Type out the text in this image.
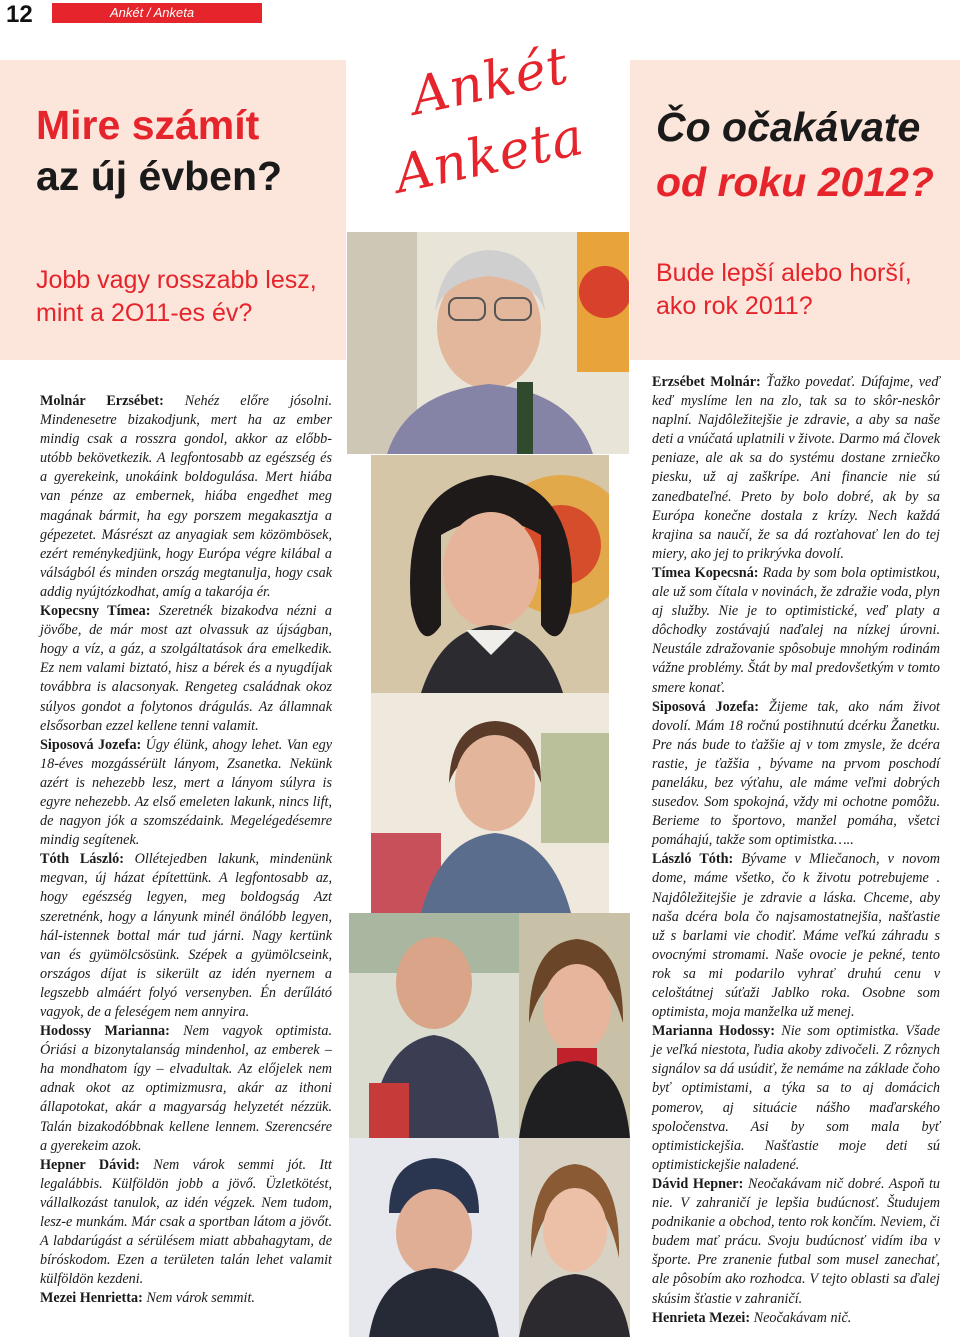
12	Ankét / Anketa
Mire számít
az új évben?
Jobb vagy rosszabb lesz, mint a 2O11-es év?
Čo očakávate
od roku 2012?
Bude lepší alebo horší, ako rok 2011?
Ankét
Anketa

Molnár Erzsébet: Nehéz előre jósolni. Mindenesetre bizakodjunk, mert ha az ember mindig csak a rosszra gondol, akkor az előbb-utóbb bekövetkezik. A legfontosabb az egészség és a gyerekeink, unokáink boldogulása. Mert hiába van pénze az embernek, hiába engedhet meg magának bármit, ha egy porszem megakasztja a gépezetet. Másrészt az anyagiak sem közömbösek, ezért reménykedjünk, hogy Európa végre kilábal a válságból és minden ország megtanulja, hogy csak addig nyújtózkodhat, amíg a takarója ér.

Kopecsny Tímea: Szeretnék bizakodva nézni a jövőbe, de már most azt olvassuk az újságban, hogy a víz, a gáz, a szolgáltatások ára emelkedik. Ez nem valami biztató, hisz a bérek és a nyugdíjak továbbra is alacsonyak. Rengeteg családnak okoz súlyos gondot a folytonos drágulás. Az államnak elsősorban ezzel kellene tenni valamit.

Siposová Jozefa: Úgy élünk, ahogy lehet. Van egy 18-éves mozgássérült lányom, Zsanetka. Nekünk azért is nehezebb lesz, mert a lányom súlyra is egyre nehezebb. Az első emeleten lakunk, nincs lift, de nagyon jók a szomszédaink. Megelégedésemre mindig segítenek.

Tóth László: Ollétejedben lakunk, mindenünk megvan, új házat építettünk. A legfontosabb az, hogy egészség legyen, meg boldogság Azt szeretnénk, hogy a lányunk minél önálóbb legyen, hál-istennek bottal már tud járni. Nagy kertünk van és gyümölcsösünk. Szépek a gyümölcseink, országos díjat is sikerült az idén nyernem a legszebb almáért folyó versenyben. Én derűlátó vagyok, de a feleségem nem annyira.

Hodossy Marianna: Nem vagyok optimista. Óriási a bizonytalanság mindenhol, az emberek – ha mondhatom így – elvadultak. Az előjelek nem adnak okot az optimizmusra, akár az ithoni állapotokat, akár a magyarság helyzetét nézzük. Talán bizakodóbbnak kellene lennem. Szerencsére a gyerekeim azok.

Hepner Dávid: Nem várok semmi jót. Itt legalábbis. Külföldön jobb a jövő. Üzletkötést, vállalkozást tanulok, az idén végzek. Nem tudom, lesz-e munkám. Már csak a sportban látom a jövőt. A labdarúgást a sérülésem miatt abbahagytam, de bíróskodom. Ezen a területen talán lehet valamit külföldön kezdeni.

Mezei Henrietta: Nem várok semmit.

Erzsébet Molnár: Ťažko povedať. Dúfajme, veď keď myslíme len na zlo, tak sa to skôr-neskôr naplní. Najdôležitejšie je zdravie, a aby sa naše deti a vnúčatá uplatnili v živote. Darmo má človek peniaze, ale ak sa do systému dostane zrniečko piesku, už aj zaškrípe. Ani financie nie sú zanedbateľné. Preto by bolo dobré, ak by sa Európa konečne dostala z krízy. Nech každá krajina sa naučí, že sa dá rozťahovať len do tej miery, ako jej to prikrývka dovolí.

Tímea Kopecsná: Rada by som bola optimistkou, ale už som čítala v novinách, že zdražie voda, plyn aj služby. Nie je to optimistické, veď platy a dôchodky zostávajú naďalej na nízkej úrovni. Neustále zdražovanie spôsobuje mnohým rodinám vážne problémy. Štát by mal predovšetkým v tomto smere konať.

Siposová Jozefa: Žijeme tak, ako nám život dovolí. Mám 18 ročnú postihnutú dcérku Žanetku. Pre nás bude to ťažšie aj v tom zmysle, že dcéra rastie, je ťažšia , bývame na prvom poschodí paneláku, bez výťahu, ale máme veľmi dobrých susedov. Som spokojná, vždy mi ochotne pomôžu. Berieme to športovo, manžel pomáha, všetci pomáhajú, takže som optimistka…..

László Tóth: Bývame v Mliečanoch, v novom dome, máme všetko, čo k životu potrebujeme . Najdôležitejšie je zdravie a láska. Chceme, aby naša dcéra bola čo najsamostatnejšia, našťastie už s barlami vie chodiť. Máme veľkú záhradu s ovocnými stromami. Naše ovocie je pekné, tento rok sa mi podarilo vyhrať druhú cenu v celoštátnej súťaži Jablko roka. Osobne som optimista, moja manželka už menej.

Marianna Hodossy: Nie som optimistka. Všade je veľká niestota, ľudia akoby zdivočeli. Z rôznych signálov sa dá usúdiť, že nemáme na základe čoho byť optimistami, a týka sa to aj domácich pomerov, aj situácie nášho maďarského spoločenstva. Asi by som mala byť optimistickejšia. Našťastie moje deti sú optimistickejšie naladené.

Dávid Hepner: Neočakávam nič dobré. Aspoň tu nie. V zahraničí je lepšia budúcnosť. Študujem podnikanie a obchod, tento rok končím. Neviem, či budem mať prácu. Svoju budúcnosť vidím iba v športe. Pre zranenie futbal som musel zanechať, ale pôsobím ako rozhodca. V tejto oblasti sa ďalej skúsim šťastie v zahraničí.

Henrieta Mezei: Neočakávam nič.
